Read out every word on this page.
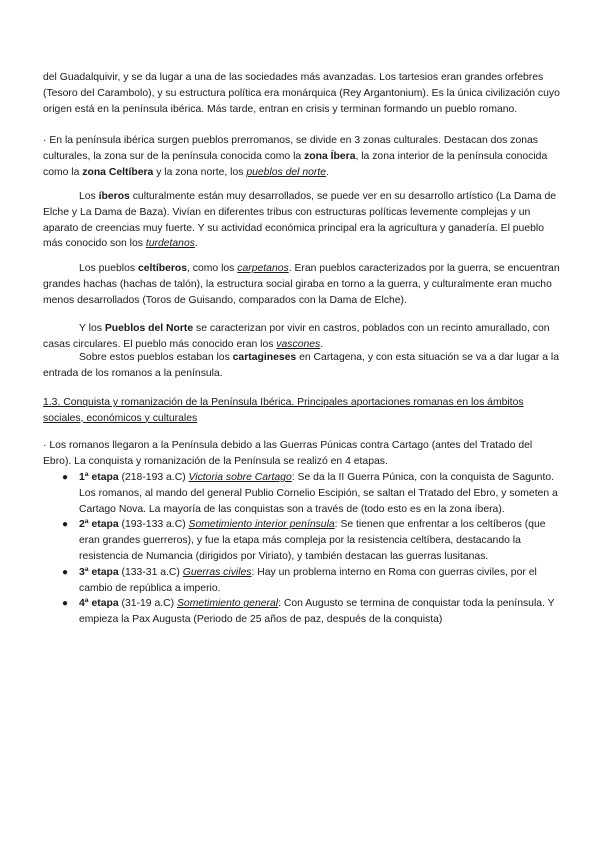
del Guadalquivir, y se da lugar a una de las sociedades más avanzadas. Los tartesios eran grandes orfebres (Tesoro del Carambolo), y su estructura política era monárquica (Rey Argantonium). Es la única civilización cuyo origen está en la península ibérica. Más tarde, entran en crisis y terminan formando un pueblo romano.

· En la península ibérica surgen pueblos prerromanos, se divide en 3 zonas culturales. Destacan dos zonas culturales, la zona sur de la península conocida como la zona Íbera, la zona interior de la península conocida como la zona Celtíbera y la zona norte, los pueblos del norte.

Los íberos culturalmente están muy desarrollados, se puede ver en su desarrollo artístico (La Dama de Elche y La Dama de Baza). Vivían en diferentes tribus con estructuras políticas levemente complejas y un aparato de creencias muy fuerte. Y su actividad económica principal era la agricultura y ganadería. El pueblo más conocido son los turdetanos.

Los pueblos celtíberos, como los carpetanos. Eran pueblos caracterizados por la guerra, se encuentran grandes hachas (hachas de talón), la estructura social giraba en torno a la guerra, y culturalmente eran mucho menos desarrollados (Toros de Guisando, comparados con la Dama de Elche).

Y los Pueblos del Norte se caracterizan por vivir en castros, poblados con un recinto amurallado, con casas circulares. El pueblo más conocido eran los vascones.

Sobre estos pueblos estaban los cartagineses en Cartagena, y con esta situación se va a dar lugar a la entrada de los romanos a la península.

1.3. Conquista y romanización de la Península Ibérica. Principales aportaciones romanas en los ámbitos sociales, económicos y culturales

· Los romanos llegaron a la Península debido a las Guerras Púnicas contra Cartago (antes del Tratado del Ebro). La conquista y romanización de la Península se realizó en 4 etapas.

● 1ª etapa (218-193 a.C) Victoria sobre Cartago: Se da la II Guerra Púnica, con la conquista de Sagunto. Los romanos, al mando del general Publio Cornelio Escipión, se saltan el Tratado del Ebro, y someten a Cartago Nova. La mayoría de las conquistas son a través de (todo esto es en la zona íbera).
● 2ª etapa (193-133 a.C) Sometimiento interior península: Se tienen que enfrentar a los celtíberos (que eran grandes guerreros), y fue la etapa más compleja por la resistencia celtíbera, destacando la resistencia de Numancia (dirigidos por Viriato), y también destacan las guerras lusitanas.
● 3ª etapa (133-31 a.C) Guerras civiles: Hay un problema interno en Roma con guerras civiles, por el cambio de república a imperio.
● 4ª etapa (31-19 a.C) Sometimiento general: Con Augusto se termina de conquistar toda la península. Y empieza la Pax Augusta (Periodo de 25 años de paz, después de la conquista)
